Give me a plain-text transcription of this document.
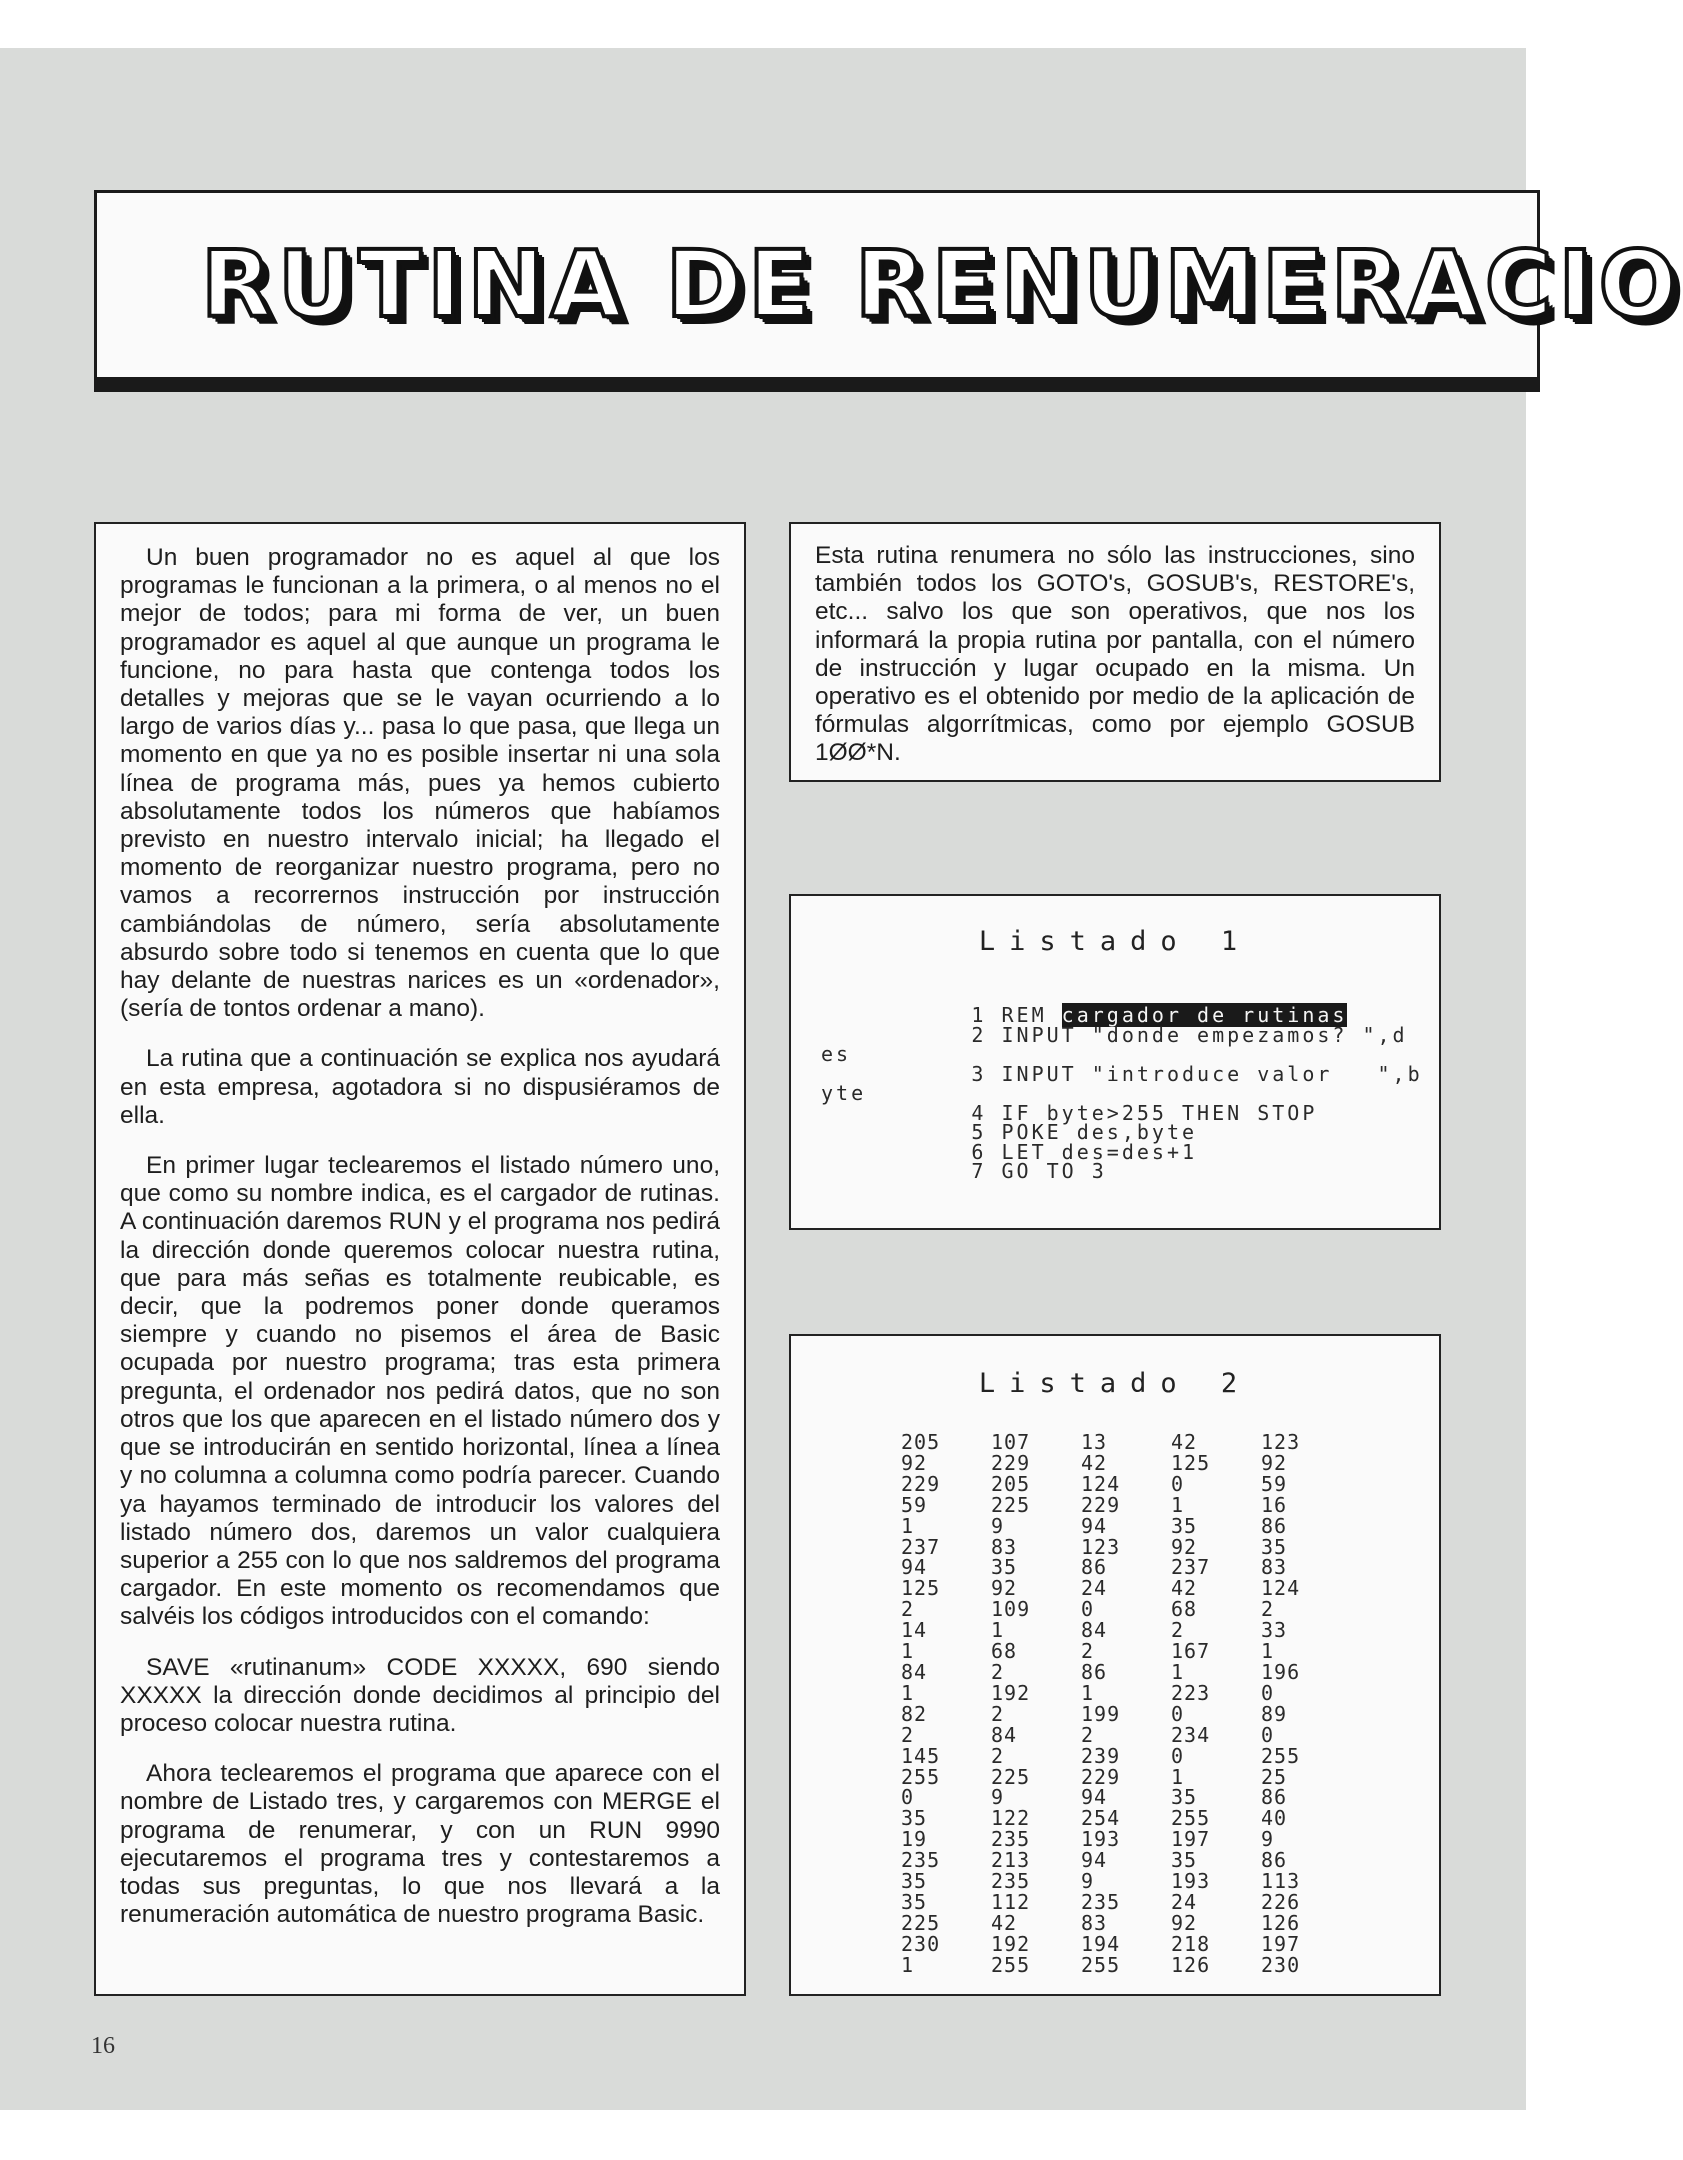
RUTINA DE RENUMERACIO

Un buen programador no es aquel al que los programas le funcionan a la primera, o al menos no el mejor de todos; para mi forma de ver, un buen programador es aquel al que aunque un programa le funcione, no para hasta que contenga todos los detalles y mejoras que se le vayan ocurriendo a lo largo de varios días y... pasa lo que pasa, que llega un momento en que ya no es posible insertar ni una sola línea de programa más, pues ya hemos cubierto absolutamente todos los números que habíamos previsto en nuestro intervalo inicial; ha llegado el momento de reorganizar nuestro programa, pero no vamos a recorrernos instrucción por instrucción cambiándolas de número, sería absolutamente absurdo sobre todo si tenemos en cuenta que lo que hay delante de nuestras narices es un «ordenador», (sería de tontos ordenar a mano).

La rutina que a continuación se explica nos ayudará en esta empresa, agotadora si no dispusiéramos de ella.

En primer lugar teclearemos el listado número uno, que como su nombre indica, es el cargador de rutinas. A continuación daremos RUN y el programa nos pedirá la dirección donde queremos colocar nuestra rutina, que para más señas es totalmente reubicable, es decir, que la podremos poner donde queramos siempre y cuando no pisemos el área de Basic ocupada por nuestro programa; tras esta primera pregunta, el ordenador nos pedirá datos, que no son otros que los que aparecen en el listado número dos y que se introducirán en sentido horizontal, línea a línea y no columna a columna como podría parecer. Cuando ya hayamos terminado de introducir los valores del listado número dos, daremos un valor cualquiera superior a 255 con lo que nos saldremos del programa cargador. En este momento os recomendamos que salvéis los códigos introducidos con el comando:

SAVE «rutinanum» CODE XXXXX, 690 siendo XXXXX la dirección donde decidimos al principio del proceso colocar nuestra rutina.

Ahora teclearemos el programa que aparece con el nombre de Listado tres, y cargaremos con MERGE el programa de renumerar, y con un RUN 9990 ejecutaremos el programa tres y contestaremos a todas sus preguntas, lo que nos llevará a la renumeración automática de nuestro programa Basic.

Esta rutina renumera no sólo las instrucciones, sino también todos los GOTO's, GOSUB's, RESTORE's, etc... salvo los que son operativos, que nos los informará la propia rutina por pantalla, con el número de instrucción y lugar ocupado en la misma. Un operativo es el obtenido por medio de la aplicación de fórmulas algorrítmicas, como por ejemplo GOSUB 1ØØ*N.
Listado 1
1 REM cargador de rutinas
2 INPUT "donde empezamos? ",d
es
3 INPUT "introduce valor   ",b
yte
4 IF byte>255 THEN STOP
5 POKE des,byte
6 LET des=des+1
7 GO TO 3
Listado 2
205	107	13	42	123
92	229	42	125	92
229	205	124	0	59
59	225	229	1	16
1	9	94	35	86
237	83	123	92	35
94	35	86	237	83
125	92	24	42	124
2	109	0	68	2
14	1	84	2	33
1	68	2	167	1
84	2	86	1	196
1	192	1	223	0
82	2	199	0	89
2	84	2	234	0
145	2	239	0	255
255	225	229	1	25
0	9	94	35	86
35	122	254	255	40
19	235	193	197	9
235	213	94	35	86
35	235	9	193	113
35	112	235	24	226
225	42	83	92	126
230	192	194	218	197
1	255	255	126	230
16
